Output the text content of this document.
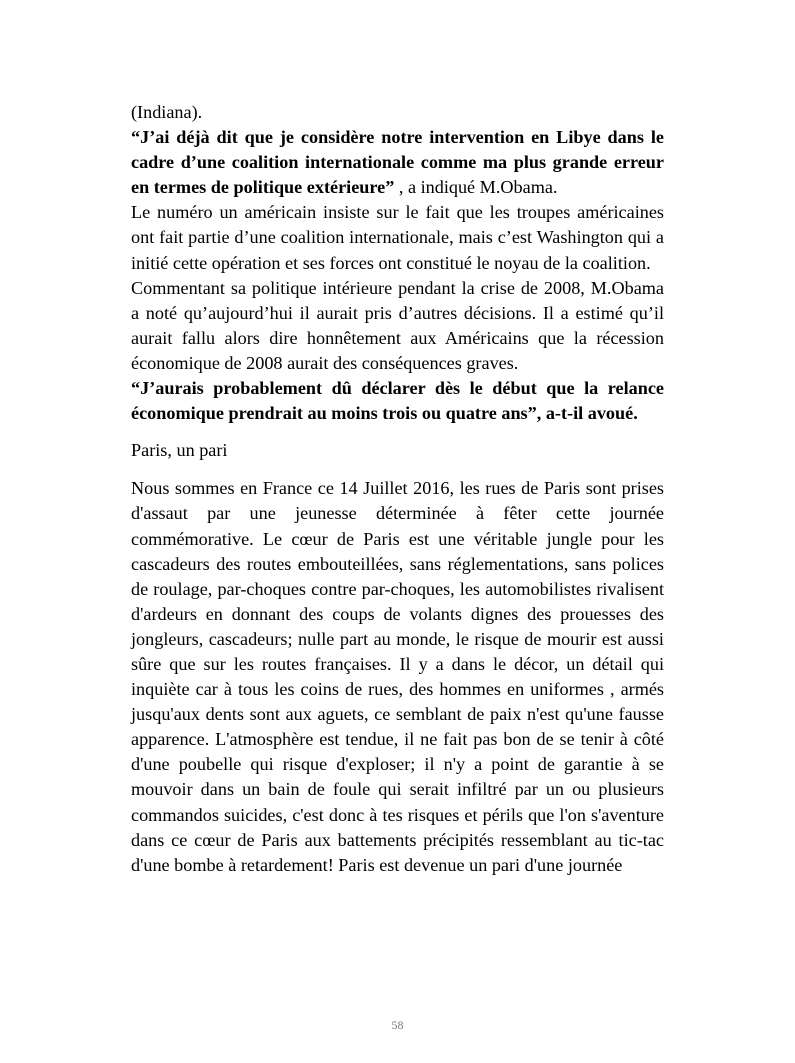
(Indiana).

“J’ai déjà dit que je considère notre intervention en Libye dans le cadre d’une coalition internationale comme ma plus grande erreur en termes de politique extérieure” , a indiqué M.Obama.

Le numéro un américain insiste sur le fait que les troupes américaines ont fait partie d’une coalition internationale, mais c’est Washington qui a initié cette opération et ses forces ont constitué le noyau de la coalition.

Commentant sa politique intérieure pendant la crise de 2008, M.Obama a noté qu’aujourd’hui il aurait pris d’autres décisions. Il a estimé qu’il aurait fallu alors dire honnêtement aux Américains que la récession économique de 2008 aurait des conséquences graves.

“J’aurais probablement dû déclarer dès le début que la relance économique prendrait au moins trois ou quatre ans”, a-t-il avoué.

Paris, un pari

Nous sommes en France ce 14 Juillet 2016, les rues de Paris sont prises d'assaut par une jeunesse déterminée à fêter cette journée commémorative. Le cœur de Paris est une véritable jungle pour les cascadeurs des routes embouteillées, sans réglementations, sans polices de roulage, par-choques contre par-choques, les automobilistes rivalisent d'ardeurs en donnant des coups de volants dignes des prouesses des jongleurs, cascadeurs; nulle part au monde, le risque de mourir est aussi sûre que sur les routes françaises. Il y a dans le décor, un détail qui inquiète car à tous les coins de rues, des hommes en uniformes , armés jusqu'aux dents sont aux aguets, ce semblant de paix n'est qu'une fausse apparence. L'atmosphère est tendue, il ne fait pas bon de se tenir à côté d'une poubelle qui risque d'exploser; il n'y a point de garantie à se mouvoir dans un bain de foule qui serait infiltré par un ou plusieurs commandos suicides, c'est donc à tes risques et périls que l'on s'aventure dans ce cœur de Paris aux battements précipités ressemblant au tic-tac d'une bombe à retardement! Paris est devenue un pari d'une journée

58
